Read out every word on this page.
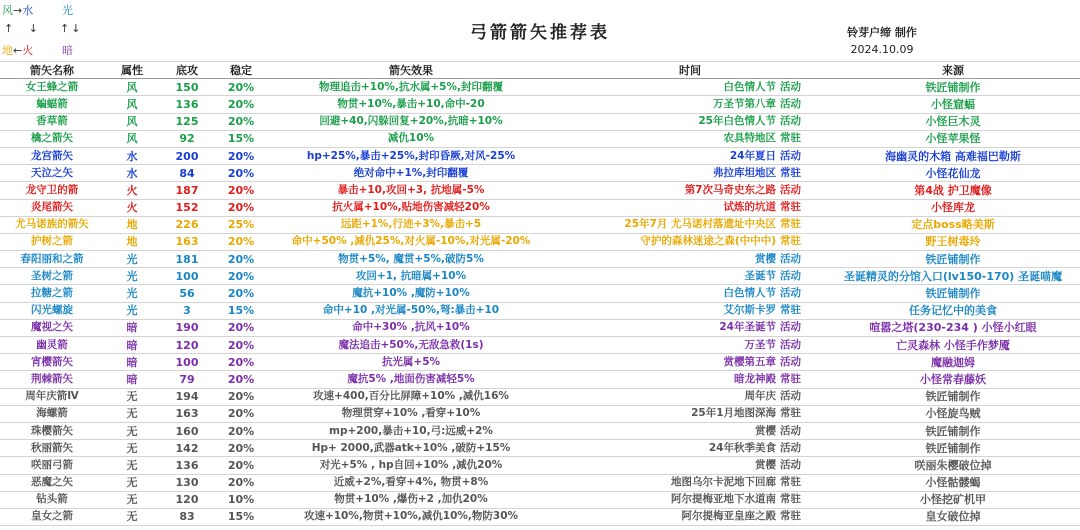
风→水	光
↑ ↓ ↑↓
地←火	暗
弓箭箭矢推荐表	铃芽户缔 制作
2024.10.09
箭矢名称	属性	底攻	稳定	箭矢效果	时间		来源
女王蜂之箭	风	150	20%	物理追击+10%,抗水属+5%,封印翻覆	白色情人节	活动	铁匠铺制作
蝙蝠箭	风	136	20%	物贯+10%,暴击+10,命中-20	万圣节第八章	活动	小怪窟蝠
香草箭	风	125	20%	回避+40,闪躲回复+20%,抗暗+10%	25年白色情人节	活动	小怪巨木灵
檎之箭矢	风	92	15%	减仇10%	农具特地区	常驻	小怪苹果怪
龙宫箭矢	水	200	20%	hp+25%,暴击+25%,封印昏厥,对风-25%	24年夏日	活动	海幽灵的木箱 高难福巴勒斯
天泣之矢	水	84	20%	绝对命中+1%,封印翻覆	弗拉库坦地区	常驻	小怪花仙龙
龙守卫的箭	火	187	20%	暴击+10,攻回+3, 抗地属-5%	第7次马奇史东之路	活动	第4战 护卫魔像
炎尾箭矢	火	152	20%	抗火属+10%,贴地伤害减轻20%	试炼的坑道	常驻	小怪库龙
尤马诺族的箭矢	地	226	25%	远距+1%,行迹+3%,暴击+5	25年7月 尤马诺村落遗址中央区	常驻	定点boss略美斯
护树之箭	地	163	20%	命中+50% ,减仇25%,对火属-10%,对光属-20%	守护的森林迷途之森(中中中)	常驻	野王树毒玲
春阳丽和之箭	光	181	20%	物贯+5%, 魔贯+5%,破防5%	赏樱	活动	铁匠铺制作
圣树之箭	光	100	20%	攻回+1, 抗暗属+10%	圣诞节	活动	圣诞精灵的分馆入口(lv150-170) 圣诞喵魔
拉糖之箭	光	56	20%	魔抗+10% ,魔防+10%	白色情人节	活动	铁匠铺制作
闪光螺旋	光	3	15%	命中+10 ,对光属-50%,弩:暴击+10	艾尔斯卡罗	常驻	任务记忆中的美食
魔视之矢	暗	190	20%	命中+30% ,抗风+10%	24年圣诞节	活动	喧嚣之塔(230-234 ) 小怪小红眼
幽灵箭	暗	120	20%	魔法追击+50%,无敌急救(1s)	万圣节	活动	亡灵森林 小怪手作梦魇
宵樱箭矢	暗	100	20%	抗光属+5%	赏樱第五章	活动	魔融迦姆
荆棘箭矢	暗	79	20%	魔抗5% ,地面伤害减轻5%	暗龙神殿	常驻	小怪常春藤妖
周年庆箭Ⅳ	无	194	20%	攻速+400,百分比屏障+10% ,减仇16%	周年庆	活动	铁匠铺制作
海螺箭	无	163	20%	物理贯穿+10% ,看穿+10%	25年1月地图深海	常驻	小怪旋鸟贼
珠樱箭矢	无	160	20%	mp+200,暴击+10,弓:远威+2%	赏樱	活动	铁匠铺制作
秋丽箭矢	无	142	20%	Hp+ 2000,武器atk+10% ,破防+15%	24年秋季美食	活动	铁匠铺制作
咲丽弓箭	无	136	20%	对光+5% , hp自回+10% ,减仇20%	赏樱	活动	咲丽朱樱破位掉
恶魔之矢	无	130	20%	近威+2%,看穿+4%, 物贯+8%	地图乌尔卡泥地下回廊	常驻	小怪骷髅蝎
钻头箭	无	120	10%	物贯+10% ,爆伤+2 ,加仇20%	阿尔提梅亚地下水道南	常驻	小怪挖矿机甲
皇女之箭	无	83	15%	攻速+10%,物贯+10%,减仇10%,物防30%	阿尔提梅亚皇座之殿	常驻	皇女破位掉
